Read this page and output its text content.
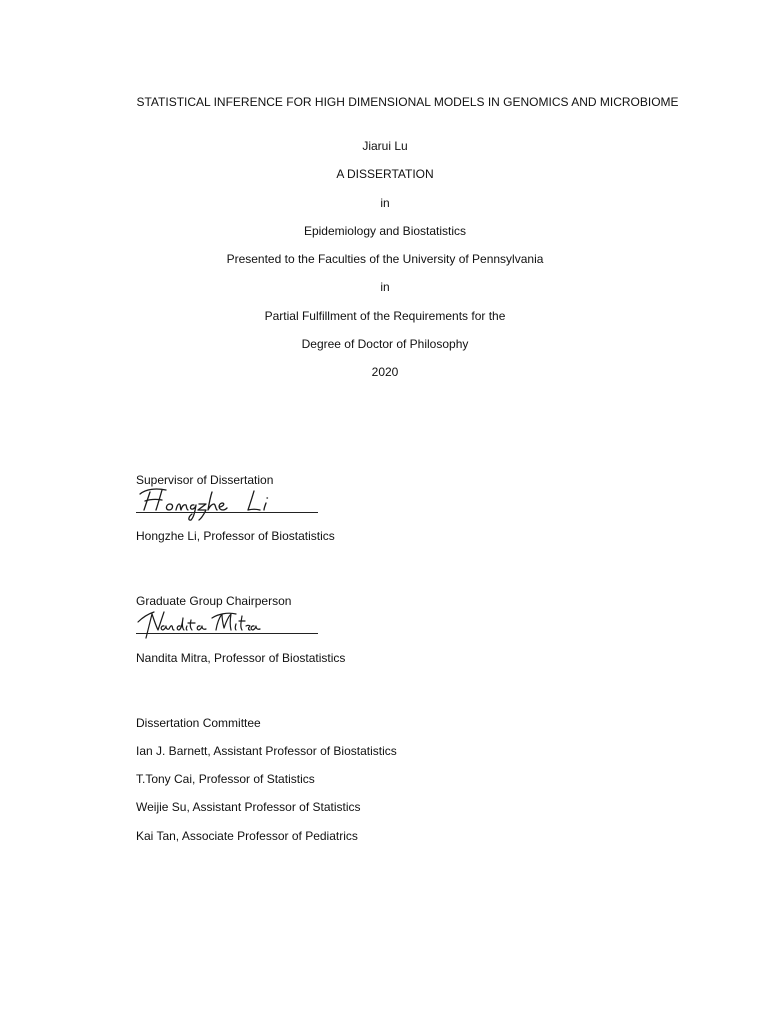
STATISTICAL INFERENCE FOR HIGH DIMENSIONAL MODELS IN GENOMICS AND MICROBIOME
Jiarui Lu
A DISSERTATION
in
Epidemiology and Biostatistics
Presented to the Faculties of the University of Pennsylvania
in
Partial Fulfillment of the Requirements for the
Degree of Doctor of Philosophy
2020
Supervisor of Dissertation
Hongzhe Li, Professor of Biostatistics
Graduate Group Chairperson
Nandita Mitra, Professor of Biostatistics
Dissertation Committee
Ian J. Barnett, Assistant Professor of Biostatistics
T.Tony Cai, Professor of Statistics
Weijie Su, Assistant Professor of Statistics
Kai Tan, Associate Professor of Pediatrics
